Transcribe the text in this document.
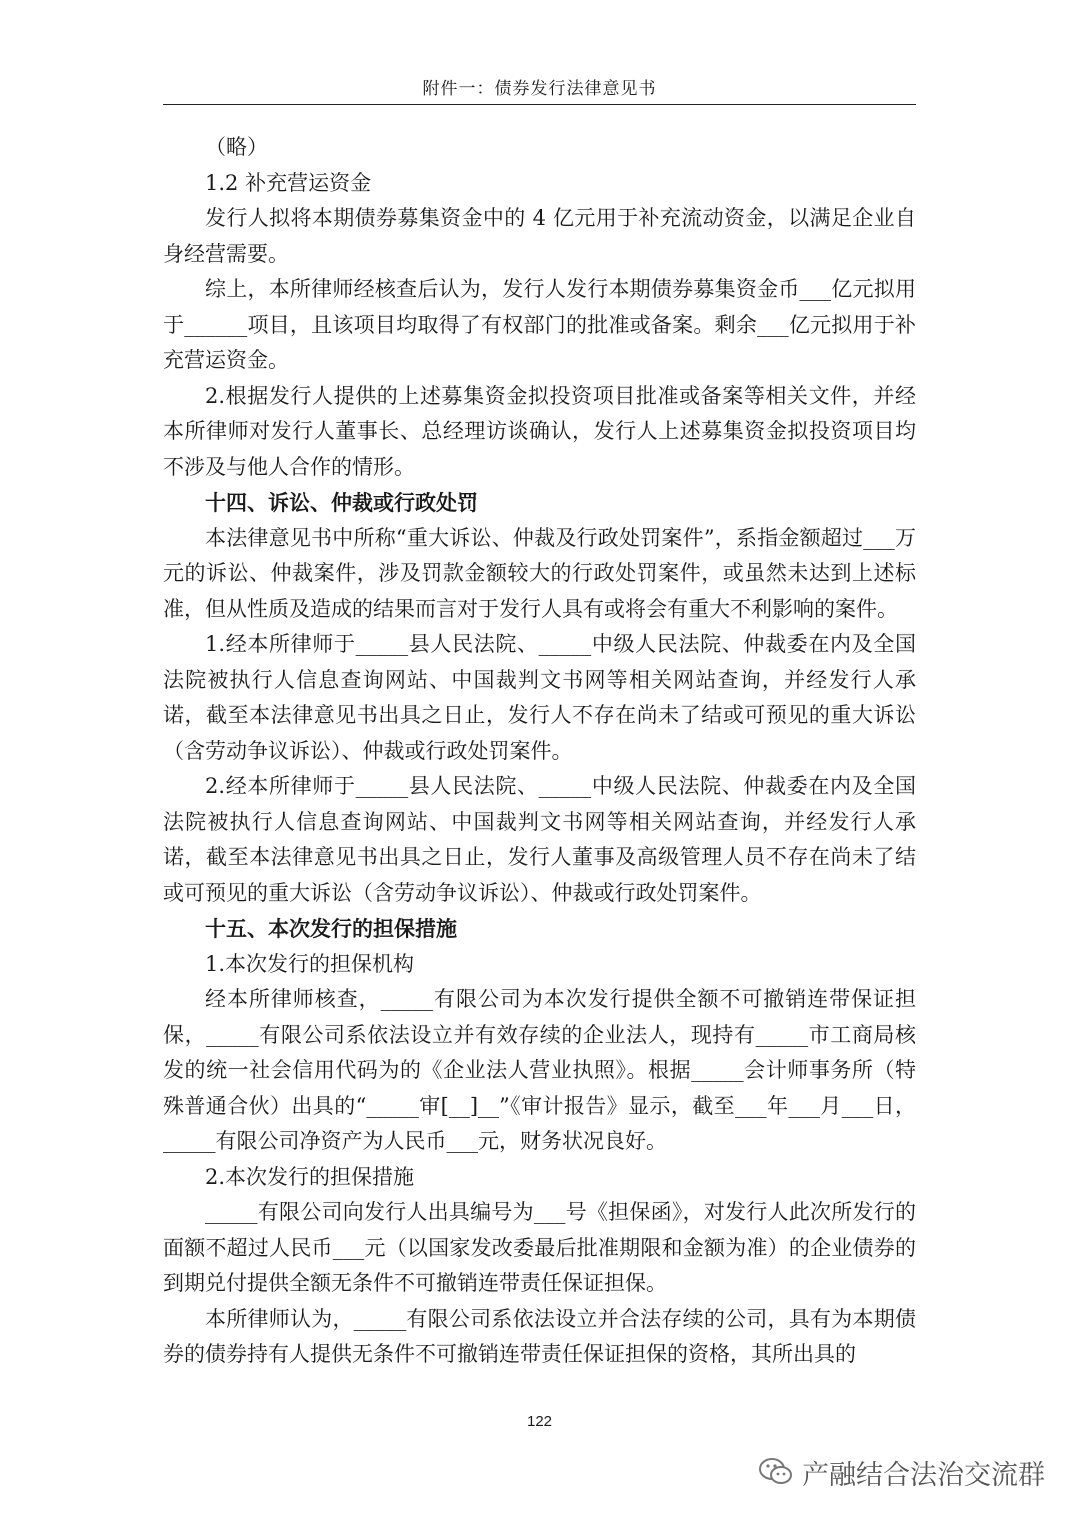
附件一：债券发行法律意见书

（略）

1.2 补充营运资金

发行人拟将本期债券募集资金中的 4 亿元用于补充流动资金，以满足企业自身经营需要。

综上，本所律师经核查后认为，发行人发行本期债券募集资金币___亿元拟用于______项目，且该项目均取得了有权部门的批准或备案。剩余___亿元拟用于补充营运资金。

2.根据发行人提供的上述募集资金拟投资项目批准或备案等相关文件，并经本所律师对发行人董事长、总经理访谈确认，发行人上述募集资金拟投资项目均不涉及与他人合作的情形。

十四、诉讼、仲裁或行政处罚

本法律意见书中所称“重大诉讼、仲裁及行政处罚案件”，系指金额超过___万元的诉讼、仲裁案件，涉及罚款金额较大的行政处罚案件，或虽然未达到上述标准，但从性质及造成的结果而言对于发行人具有或将会有重大不利影响的案件。

1.经本所律师于_____县人民法院、_____中级人民法院、仲裁委在内及全国法院被执行人信息查询网站、中国裁判文书网等相关网站查询，并经发行人承诺，截至本法律意见书出具之日止，发行人不存在尚未了结或可预见的重大诉讼（含劳动争议诉讼）、仲裁或行政处罚案件。

2.经本所律师于_____县人民法院、_____中级人民法院、仲裁委在内及全国法院被执行人信息查询网站、中国裁判文书网等相关网站查询，并经发行人承诺，截至本法律意见书出具之日止，发行人董事及高级管理人员不存在尚未了结或可预见的重大诉讼（含劳动争议诉讼）、仲裁或行政处罚案件。

十五、本次发行的担保措施

1.本次发行的担保机构

经本所律师核查，_____有限公司为本次发行提供全额不可撤销连带保证担保，_____有限公司系依法设立并有效存续的企业法人，现持有_____市工商局核发的统一社会信用代码为的《企业法人营业执照》。根据_____会计师事务所（特殊普通合伙）出具的“_____审[__]__”《审计报告》显示，截至___年___月___日，_____有限公司净资产为人民币___元，财务状况良好。

2.本次发行的担保措施

_____有限公司向发行人出具编号为___号《担保函》，对发行人此次所发行的面额不超过人民币___元（以国家发改委最后批准期限和金额为准）的企业债券的到期兑付提供全额无条件不可撤销连带责任保证担保。

本所律师认为，_____有限公司系依法设立并合法存续的公司，具有为本期债券的债券持有人提供无条件不可撤销连带责任保证担保的资格，其所出具的

122
产融结合法治交流群
